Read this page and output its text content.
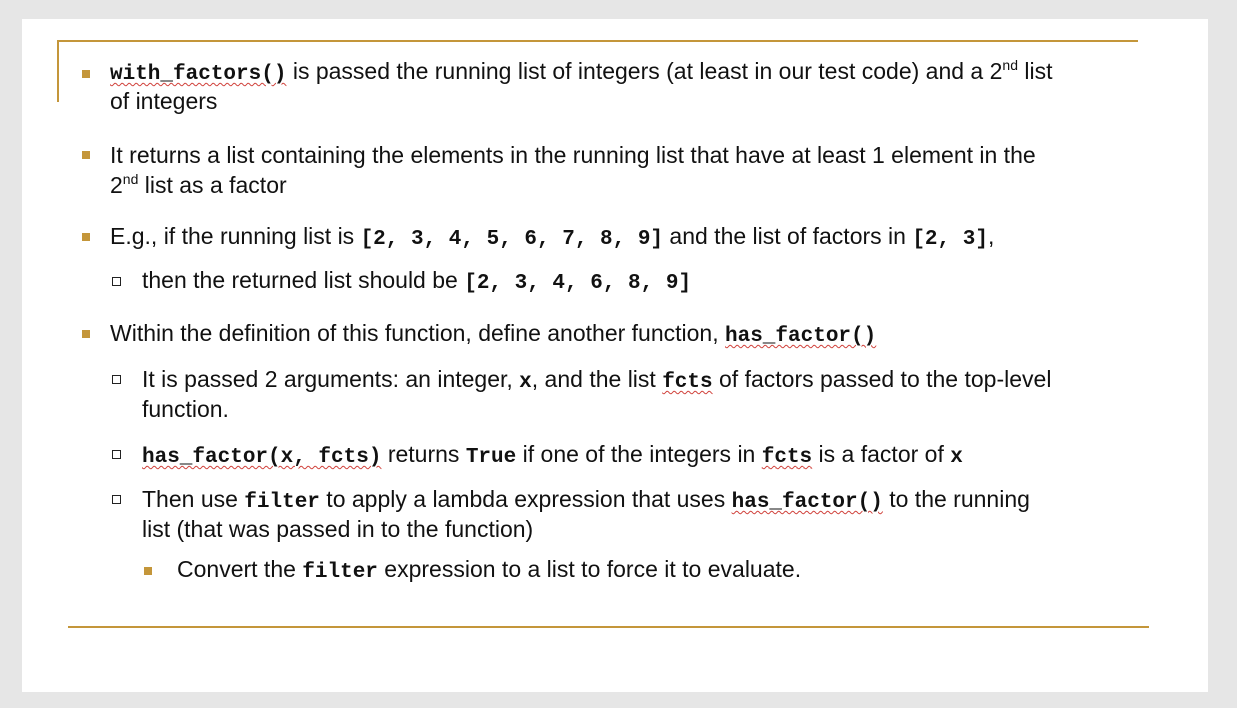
with_factors() is passed the running list of integers (at least in our test code) and a 2nd list
of integers
It returns a list containing the elements in the running list that have at least 1 element in the
2nd list as a factor
E.g., if the running list is [2, 3, 4, 5, 6, 7, 8, 9] and the list of factors in [2, 3],
then the returned list should be [2, 3, 4, 6, 8, 9]
Within the definition of this function, define another function, has_factor()
It is passed 2 arguments: an integer, x, and the list fcts of factors passed to the top-level
function.
has_factor(x, fcts) returns True if one of the integers in fcts is a factor of x
Then use filter to apply a lambda expression that uses has_factor() to the running
list (that was passed in to the function)
Convert the filter expression to a list to force it to evaluate.
